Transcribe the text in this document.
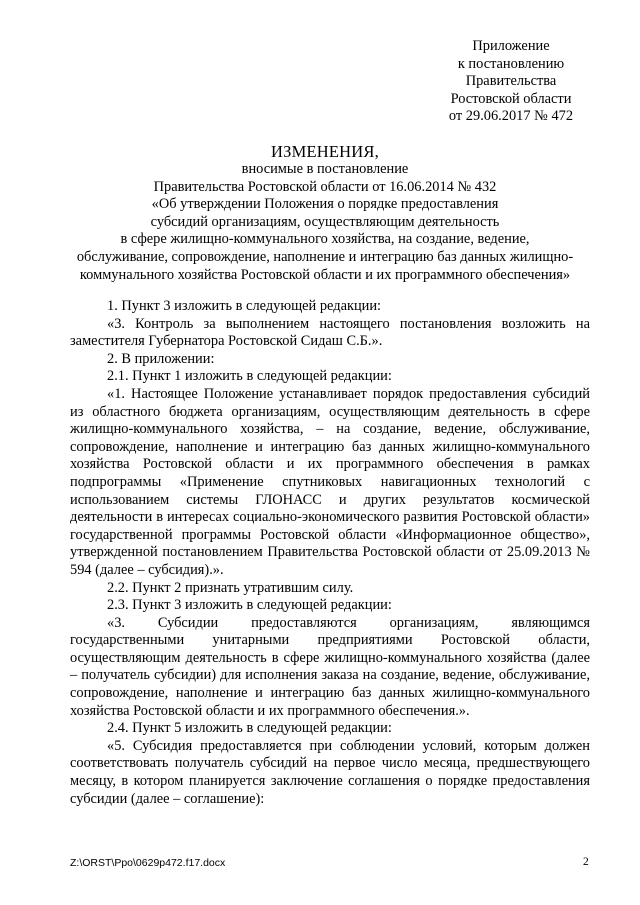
Приложение
к постановлению
Правительства
Ростовской области
от 29.06.2017 № 472
ИЗМЕНЕНИЯ,
вносимые в постановление
Правительства Ростовской области от 16.06.2014 № 432
«Об утверждении Положения о порядке предоставления
субсидий организациям, осуществляющим деятельность
в сфере жилищно-коммунального хозяйства, на создание, ведение,
обслуживание, сопровождение, наполнение и интеграцию баз данных жилищно-
коммунального хозяйства Ростовской области и их программного обеспечения»

1. Пункт 3 изложить в следующей редакции:

«3. Контроль за выполнением настоящего постановления возложить на заместителя Губернатора Ростовской Сидаш С.Б.».

2. В приложении:

2.1. Пункт 1 изложить в следующей редакции:

«1. Настоящее Положение устанавливает порядок предоставления субсидий из областного бюджета организациям, осуществляющим деятельность в сфере жилищно-коммунального хозяйства, – на создание, ведение, обслуживание, сопровождение, наполнение и интеграцию баз данных жилищно-коммунального хозяйства Ростовской области и их программного обеспечения в рамках подпрограммы «Применение спутниковых навигационных технологий с использованием системы ГЛОНАСС и других результатов космической деятельности в интересах социально-экономического развития Ростовской области» государственной программы Ростовской области «Информационное общество», утвержденной постановлением Правительства Ростовской области от 25.09.2013 № 594 (далее – субсидия).».

2.2. Пункт 2 признать утратившим силу.

2.3. Пункт 3 изложить в следующей редакции:

«3. Субсидии предоставляются организациям, являющимся государственными унитарными предприятиями Ростовской области, осуществляющим деятельность в сфере жилищно-коммунального хозяйства (далее – получатель субсидии) для исполнения заказа на создание, ведение, обслуживание, сопровождение, наполнение и интеграцию баз данных жилищно-коммунального хозяйства Ростовской области и их программного обеспечения.».

2.4. Пункт 5 изложить в следующей редакции:

«5. Субсидия предоставляется при соблюдении условий, которым должен соответствовать получатель субсидий на первое число месяца, предшествующего месяцу, в котором планируется заключение соглашения о порядке предоставления субсидии (далее – соглашение):

Z:\ORST\Ppo\0629p472.f17.docx	2
